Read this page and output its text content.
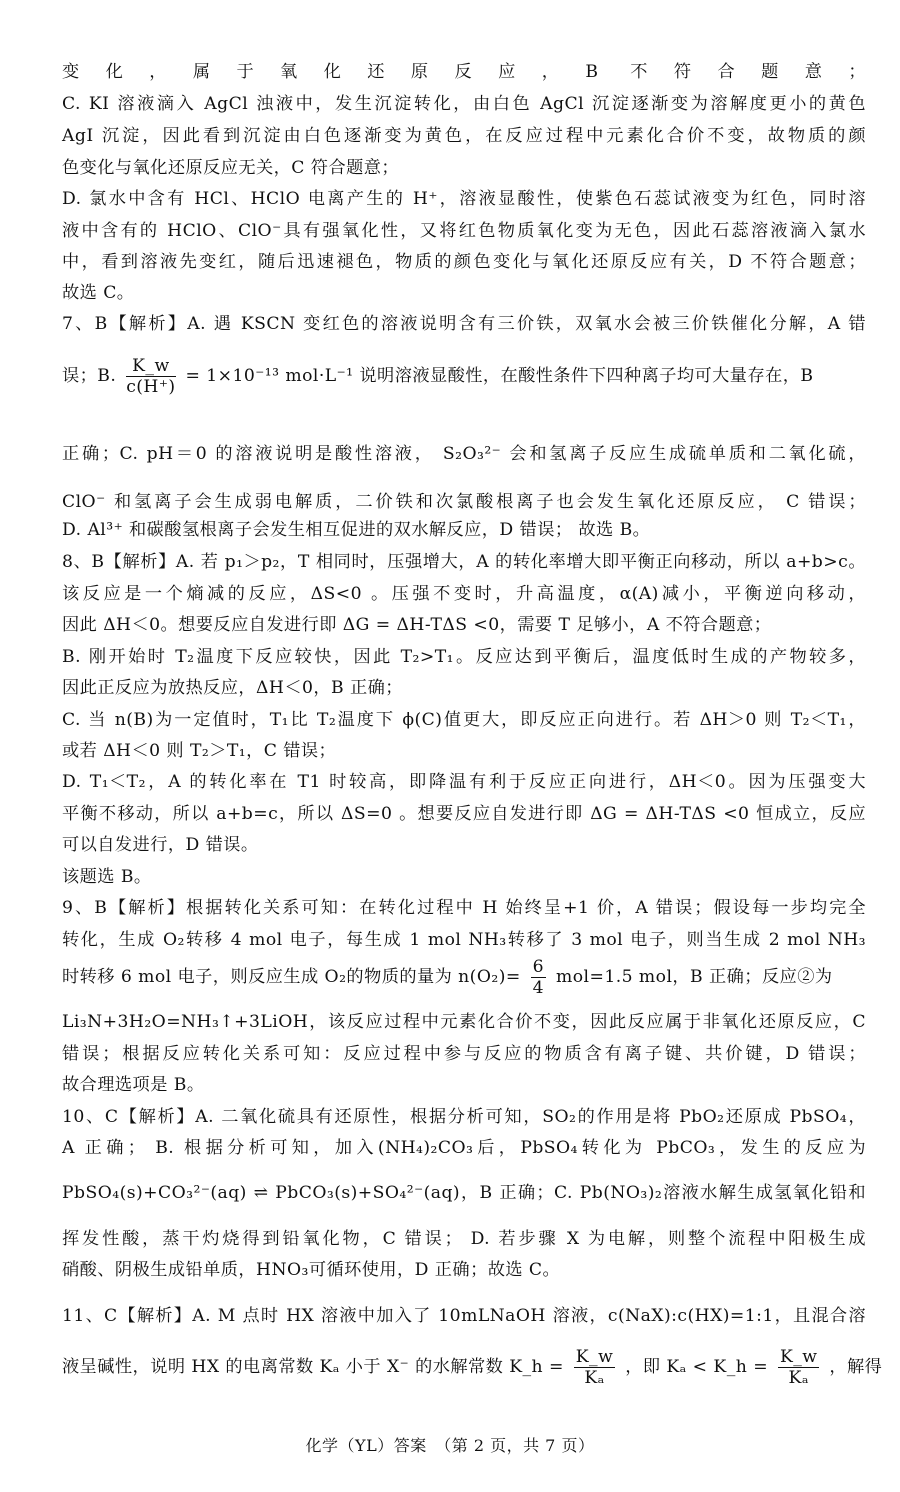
变化，属于氧化还原反应，B 不符合题意；
C. KI 溶液滴入 AgCl 浊液中，发生沉淀转化，由白色 AgCl 沉淀逐渐变为溶解度更小的黄色
AgI 沉淀，因此看到沉淀由白色逐渐变为黄色，在反应过程中元素化合价不变，故物质的颜
色变化与氧化还原反应无关，C 符合题意；
D. 氯水中含有 HCl、HClO 电离产生的 H⁺，溶液显酸性，使紫色石蕊试液变为红色，同时溶
液中含有的 HClO、ClO⁻具有强氧化性，又将红色物质氧化变为无色，因此石蕊溶液滴入氯水
中，看到溶液先变红，随后迅速褪色，物质的颜色变化与氧化还原反应有关，D 不符合题意；
故选 C。
7、B【解析】A. 遇 KSCN 变红色的溶液说明含有三价铁，双氧水会被三价铁催化分解，A 错
误；B. $\frac{K\_w}{c(H^+)} = 1\times 10^{-13}$ mol·L⁻¹ 说明溶液显酸性，在酸性条件下四种离子均可大量存在，B
正确；C. pH＝0 的溶液说明是酸性溶液， S₂O₃²⁻ 会和氢离子反应生成硫单质和二氧化硫，
ClO⁻ 和氢离子会生成弱电解质，二价铁和次氯酸根离子也会发生氧化还原反应， C 错误；
D. Al³⁺ 和碳酸氢根离子会发生相互促进的双水解反应，D 错误； 故选 B。
8、B【解析】A. 若 p₁＞p₂，T 相同时，压强增大，A 的转化率增大即平衡正向移动，所以 a+b>c。
该反应是一个熵减的反应，ΔS<0 。压强不变时，升高温度，α(A)减小，平衡逆向移动，
因此 ΔH＜0。想要反应自发进行即 ΔG = ΔH-TΔS <0，需要 T 足够小，A 不符合题意；
B. 刚开始时 T₂温度下反应较快，因此 T₂>T₁。反应达到平衡后，温度低时生成的产物较多，
因此正反应为放热反应，ΔH＜0，B 正确；
C. 当 n(B)为一定值时，T₁比 T₂温度下 ϕ(C)值更大，即反应正向进行。若 ΔH＞0 则 T₂＜T₁，
或若 ΔH＜0 则 T₂＞T₁，C 错误；
D. T₁＜T₂，A 的转化率在 T1 时较高，即降温有利于反应正向进行，ΔH＜0。因为压强变大
平衡不移动，所以 a+b=c，所以 ΔS=0 。想要反应自发进行即 ΔG = ΔH-TΔS <0 恒成立，反应
可以自发进行，D 错误。
该题选 B。
9、B【解析】根据转化关系可知：在转化过程中 H 始终呈+1 价，A 错误；假设每一步均完全
转化，生成 O₂转移 4 mol 电子，每生成 1 mol NH₃转移了 3 mol 电子，则当生成 2 mol NH₃
时转移 6 mol 电子，则反应生成 O₂的物质的量为 $n(O_2)= \frac{6}{4} mol=1.5$ mol，B 正确；反应②为
Li₃N+3H₂O=NH₃↑+3LiOH，该反应过程中元素化合价不变，因此反应属于非氧化还原反应，C
错误；根据反应转化关系可知：反应过程中参与反应的物质含有离子键、共价键，D 错误；
故合理选项是 B。
10、C【解析】A. 二氧化硫具有还原性，根据分析可知，SO₂的作用是将 PbO₂还原成 PbSO₄，
A 正确； B. 根据分析可知，加入(NH₄)₂CO₃后，PbSO₄转化为 PbCO₃，发生的反应为
PbSO₄(s)+CO₃²⁻(aq) ⇌ PbCO₃(s)+SO₄²⁻(aq)，B 正确；C. Pb(NO₃)₂溶液水解生成氢氧化铅和
挥发性酸，蒸干灼烧得到铅氧化物，C 错误； D. 若步骤 X 为电解，则整个流程中阳极生成
硝酸、阴极生成铅单质，HNO₃可循环使用，D 正确；故选 C。
11、C【解析】A. M 点时 HX 溶液中加入了 10mLNaOH 溶液，c(NaX):c(HX)=1:1，且混合溶
液呈碱性，说明 HX 的电离常数 Kₐ 小于 X⁻ 的水解常数 K_h = $\frac{K\_w}{\text{Kₐ}}$ ，即 Kₐ < K_h = $\frac{K\_w}{\text{Kₐ}}$ ，解得
化学（YL）答案　（第 2 页，共 7 页）
